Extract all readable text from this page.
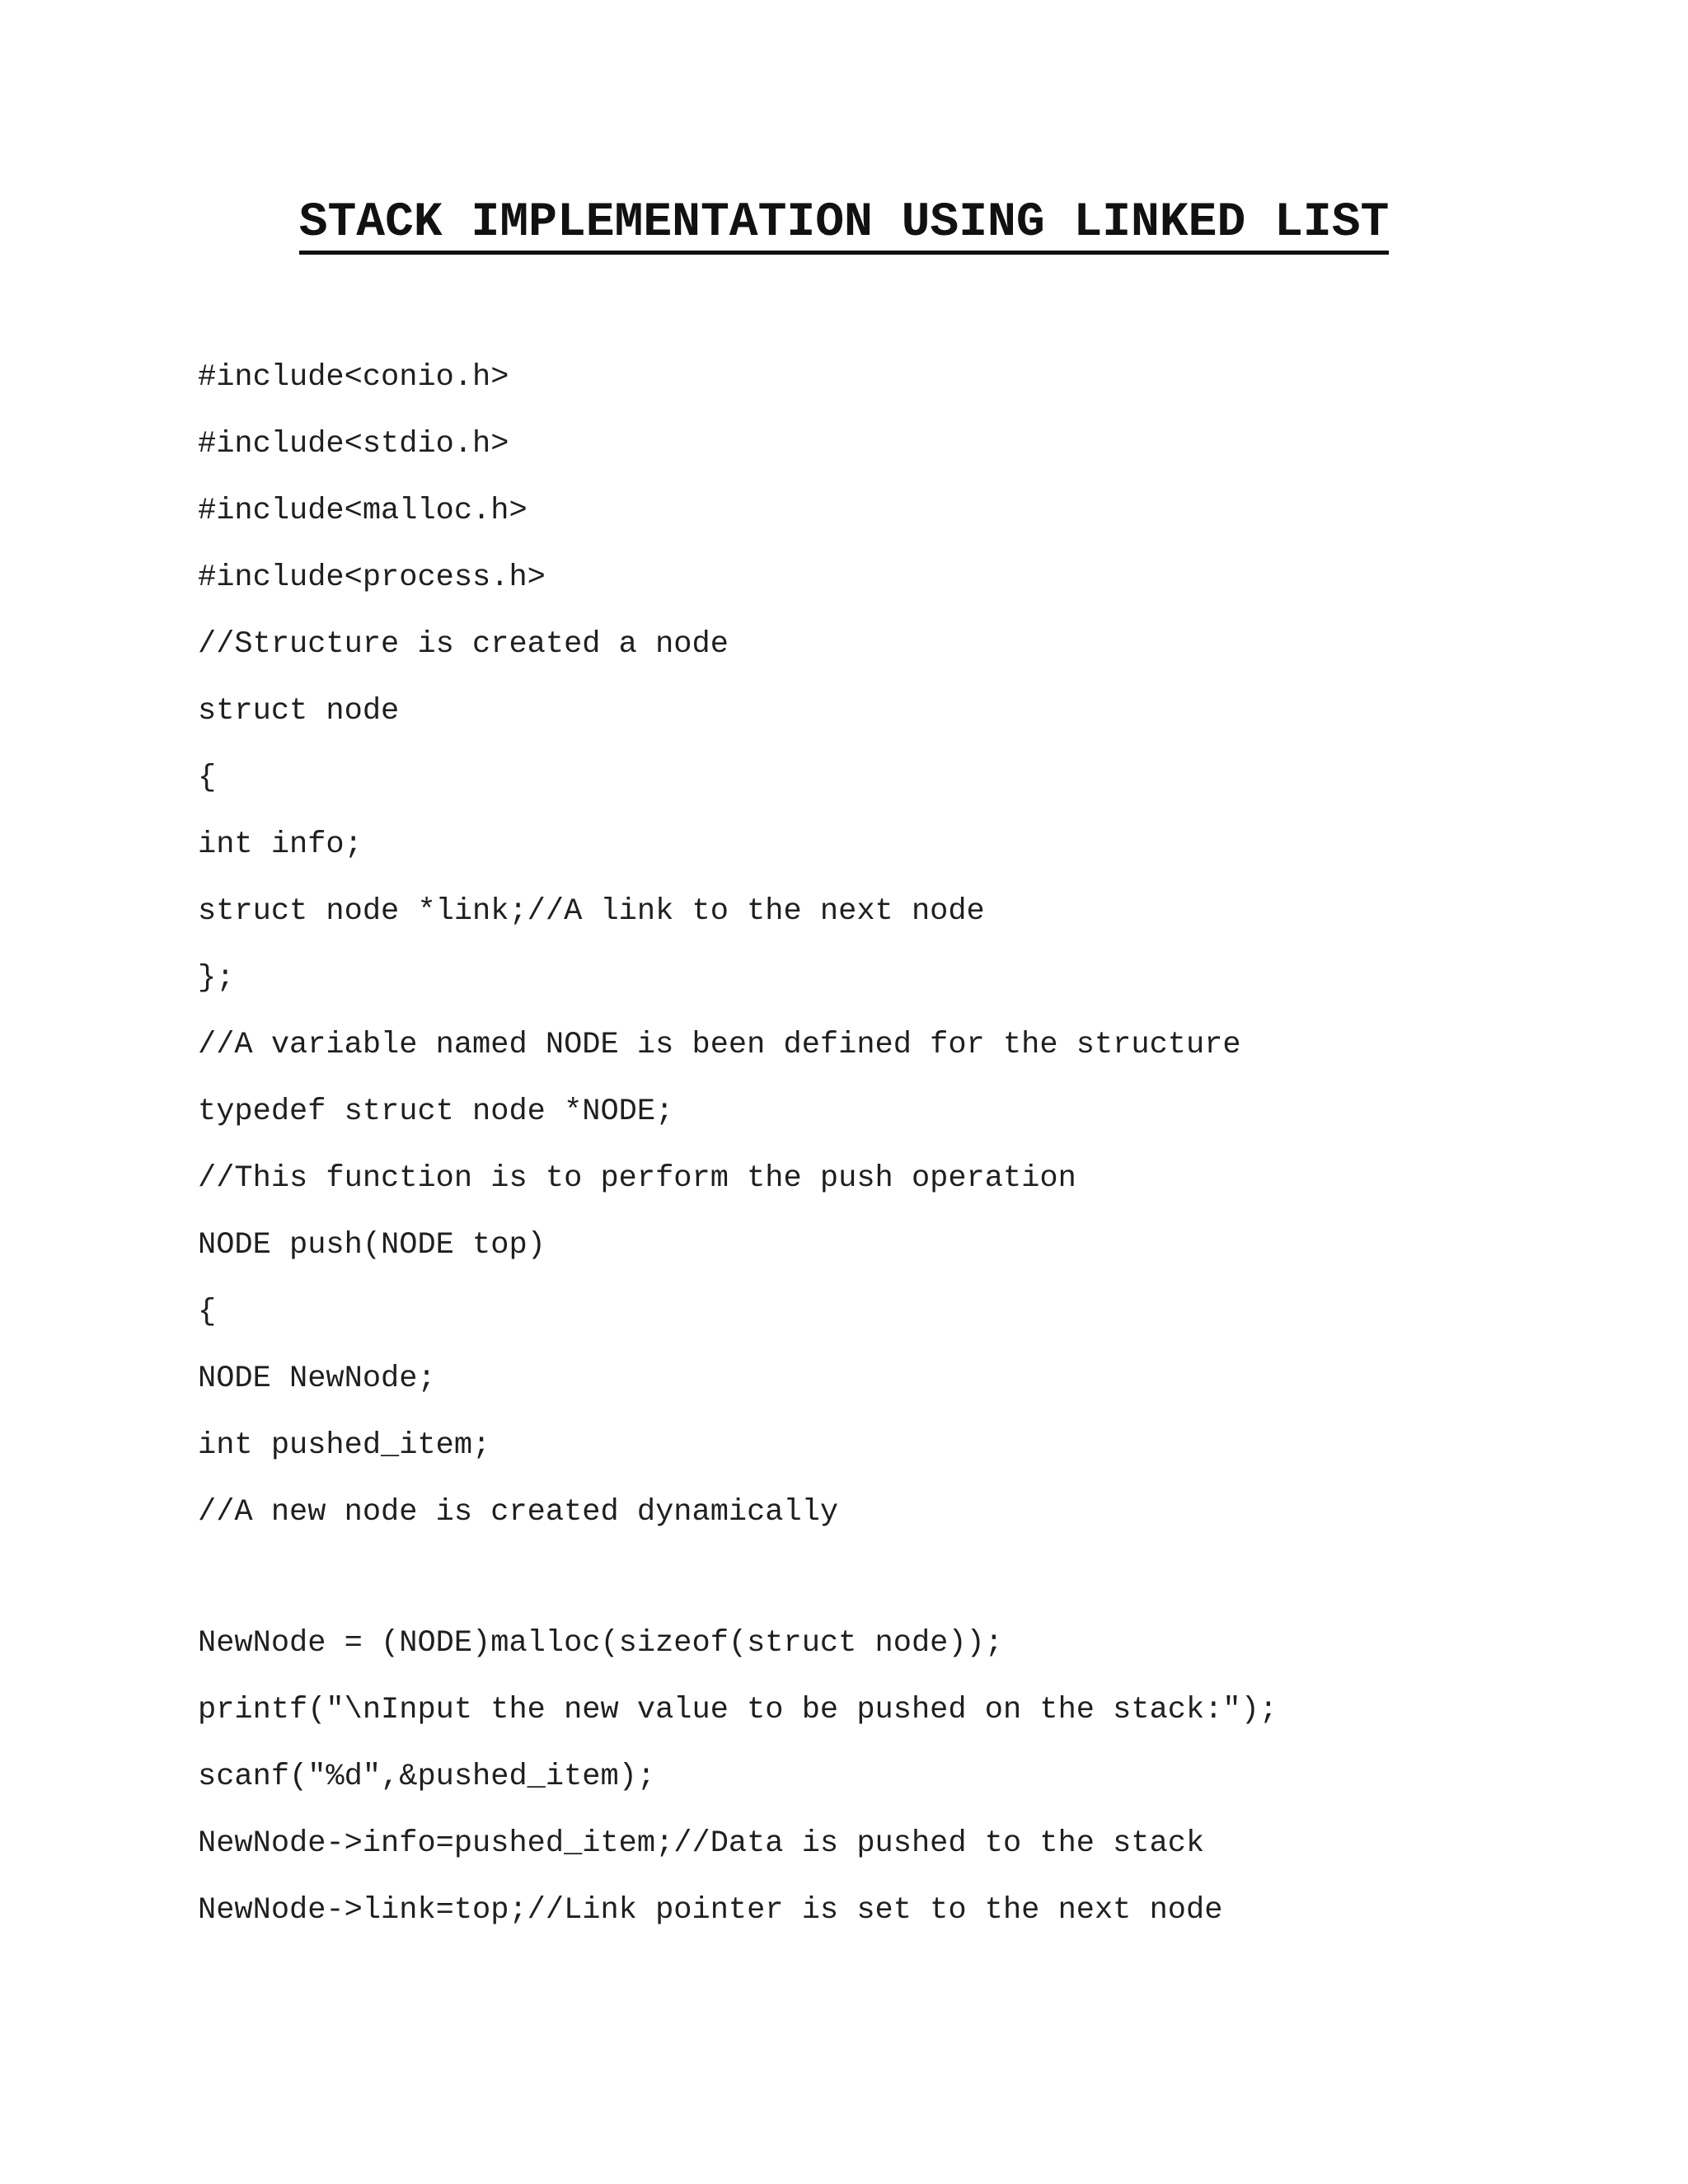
STACK IMPLEMENTATION USING LINKED LIST
#include<conio.h>
#include<stdio.h>
#include<malloc.h>
#include<process.h>
//Structure is created a node
struct node
{
int info;
struct node *link;//A link to the next node
};
//A variable named NODE is been defined for the structure
typedef struct node *NODE;
//This function is to perform the push operation
NODE push(NODE top)
{
NODE NewNode;
int pushed_item;
//A new node is created dynamically
NewNode = (NODE)malloc(sizeof(struct node));
printf("\nInput the new value to be pushed on the stack:");
scanf("%d",&pushed_item);
NewNode->info=pushed_item;//Data is pushed to the stack
NewNode->link=top;//Link pointer is set to the next node
